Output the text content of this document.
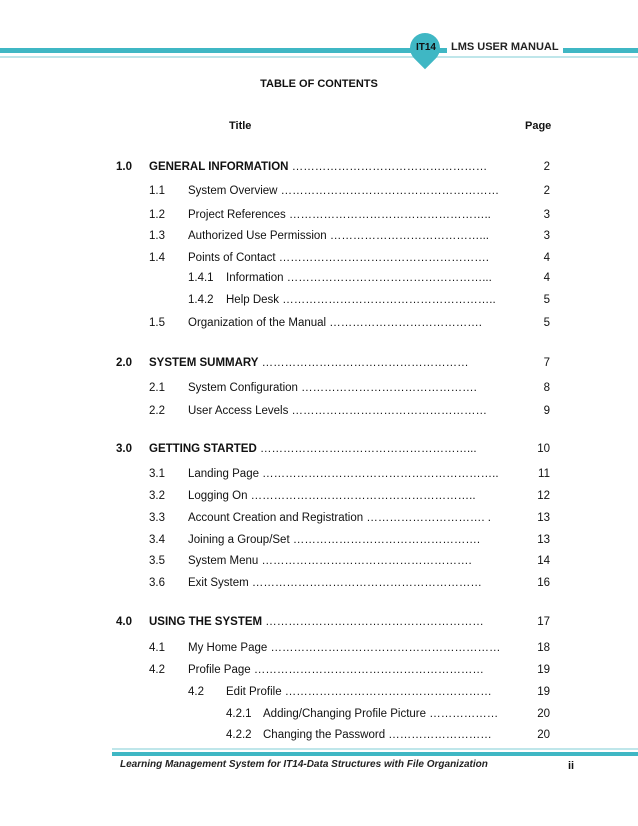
IT14	LMS USER MANUAL
TABLE OF CONTENTS
Title	Page
1.0 GENERAL INFORMATION ……………………………………………	2
1.1 System Overview …………………………………………………	2
1.2 Project References ……………………………………………..	3
1.3 Authorized Use Permission …………………………………...	3
1.4 Points of Contact ……………………………………………….	4
1.4.1 Information ……………………………………………...	4
1.4.2 Help Desk ………………………………………………..	5
1.5 Organization of the Manual ………………………………….	5
2.0 SYSTEM SUMMARY ………………………………………………	7
2.1 System Configuration ……………………………………….	8
2.2 User Access Levels ……………………………………………	9
3.0 GETTING STARTED ………………………………………………...	10
3.1 Landing Page ……………………………………………………..	11
3.2 Logging On …………………………………………………..	12
3.3 Account Creation and Registration …………………………. .	13
3.4 Joining a Group/Set ………………………………………….	13
3.5 System Menu ……………………………………………….	14
3.6 Exit System ……………………………………………………	16
4.0 USING THE SYSTEM …………………………………………………	17
4.1 My Home Page ……………………………………………………	18
4.2 Profile Page ……………………………………………………	19
4.2 Edit Profile ………………………………………………	19
4.2.1 Adding/Changing Profile Picture ………………	20
4.2.2 Changing the Password ………………………	20
Learning Management System for IT14-Data Structures with File Organization	ii
